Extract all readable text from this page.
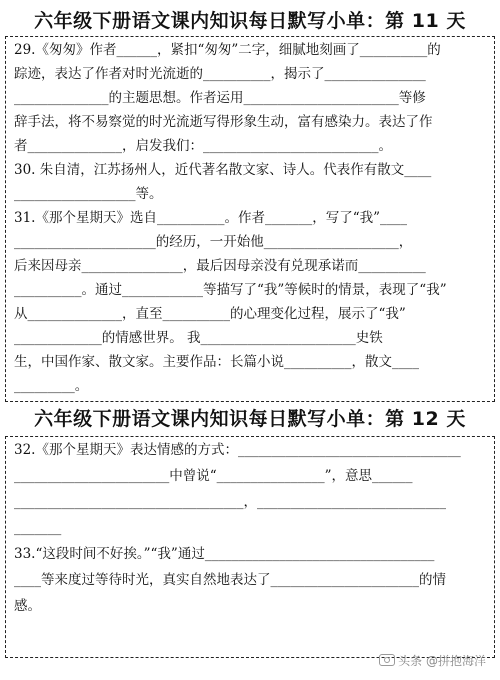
六年级下册语文课内知识每日默写小单：第 11 天
29.《匆匆》作者______，紧扣“匆匆”二字，细腻地刻画了__________的
踪迹，表达了作者对时光流逝的__________，揭示了_______________
______________的主题思想。作者运用_______________________等修
辞手法，将不易察觉的时光流逝写得形象生动，富有感染力。表达了作
者______________，启发我们：__________________________。
30. 朱自清，江苏扬州人，近代著名散文家、诗人。代表作有散文____
__________________等。
31.《那个星期天》选自__________。作者_______，写了“我”____
_____________________的经历，一开始他____________________，
后来因母亲_______________，最后因母亲没有兑现承诺而__________
__________。通过____________等描写了“我”等候时的情景，表现了“我”
从______________，直至__________的心理变化过程，展示了“我”
_____________的情感世界。 我_______________________史铁
生，中国作家、散文家。主要作品：长篇小说__________，散文____
_________。
六年级下册语文课内知识每日默写小单：第 12 天
32.《那个星期天》表达情感的方式：_________________________________
_______________________中曾说“________________”，意思______
__________________________________，____________________________
_______
33.“这段时间不好挨。”“我”通过__________________________________
____等来度过等待时光，真实自然地表达了______________________的情
感。
头条 @拼抱海洋
